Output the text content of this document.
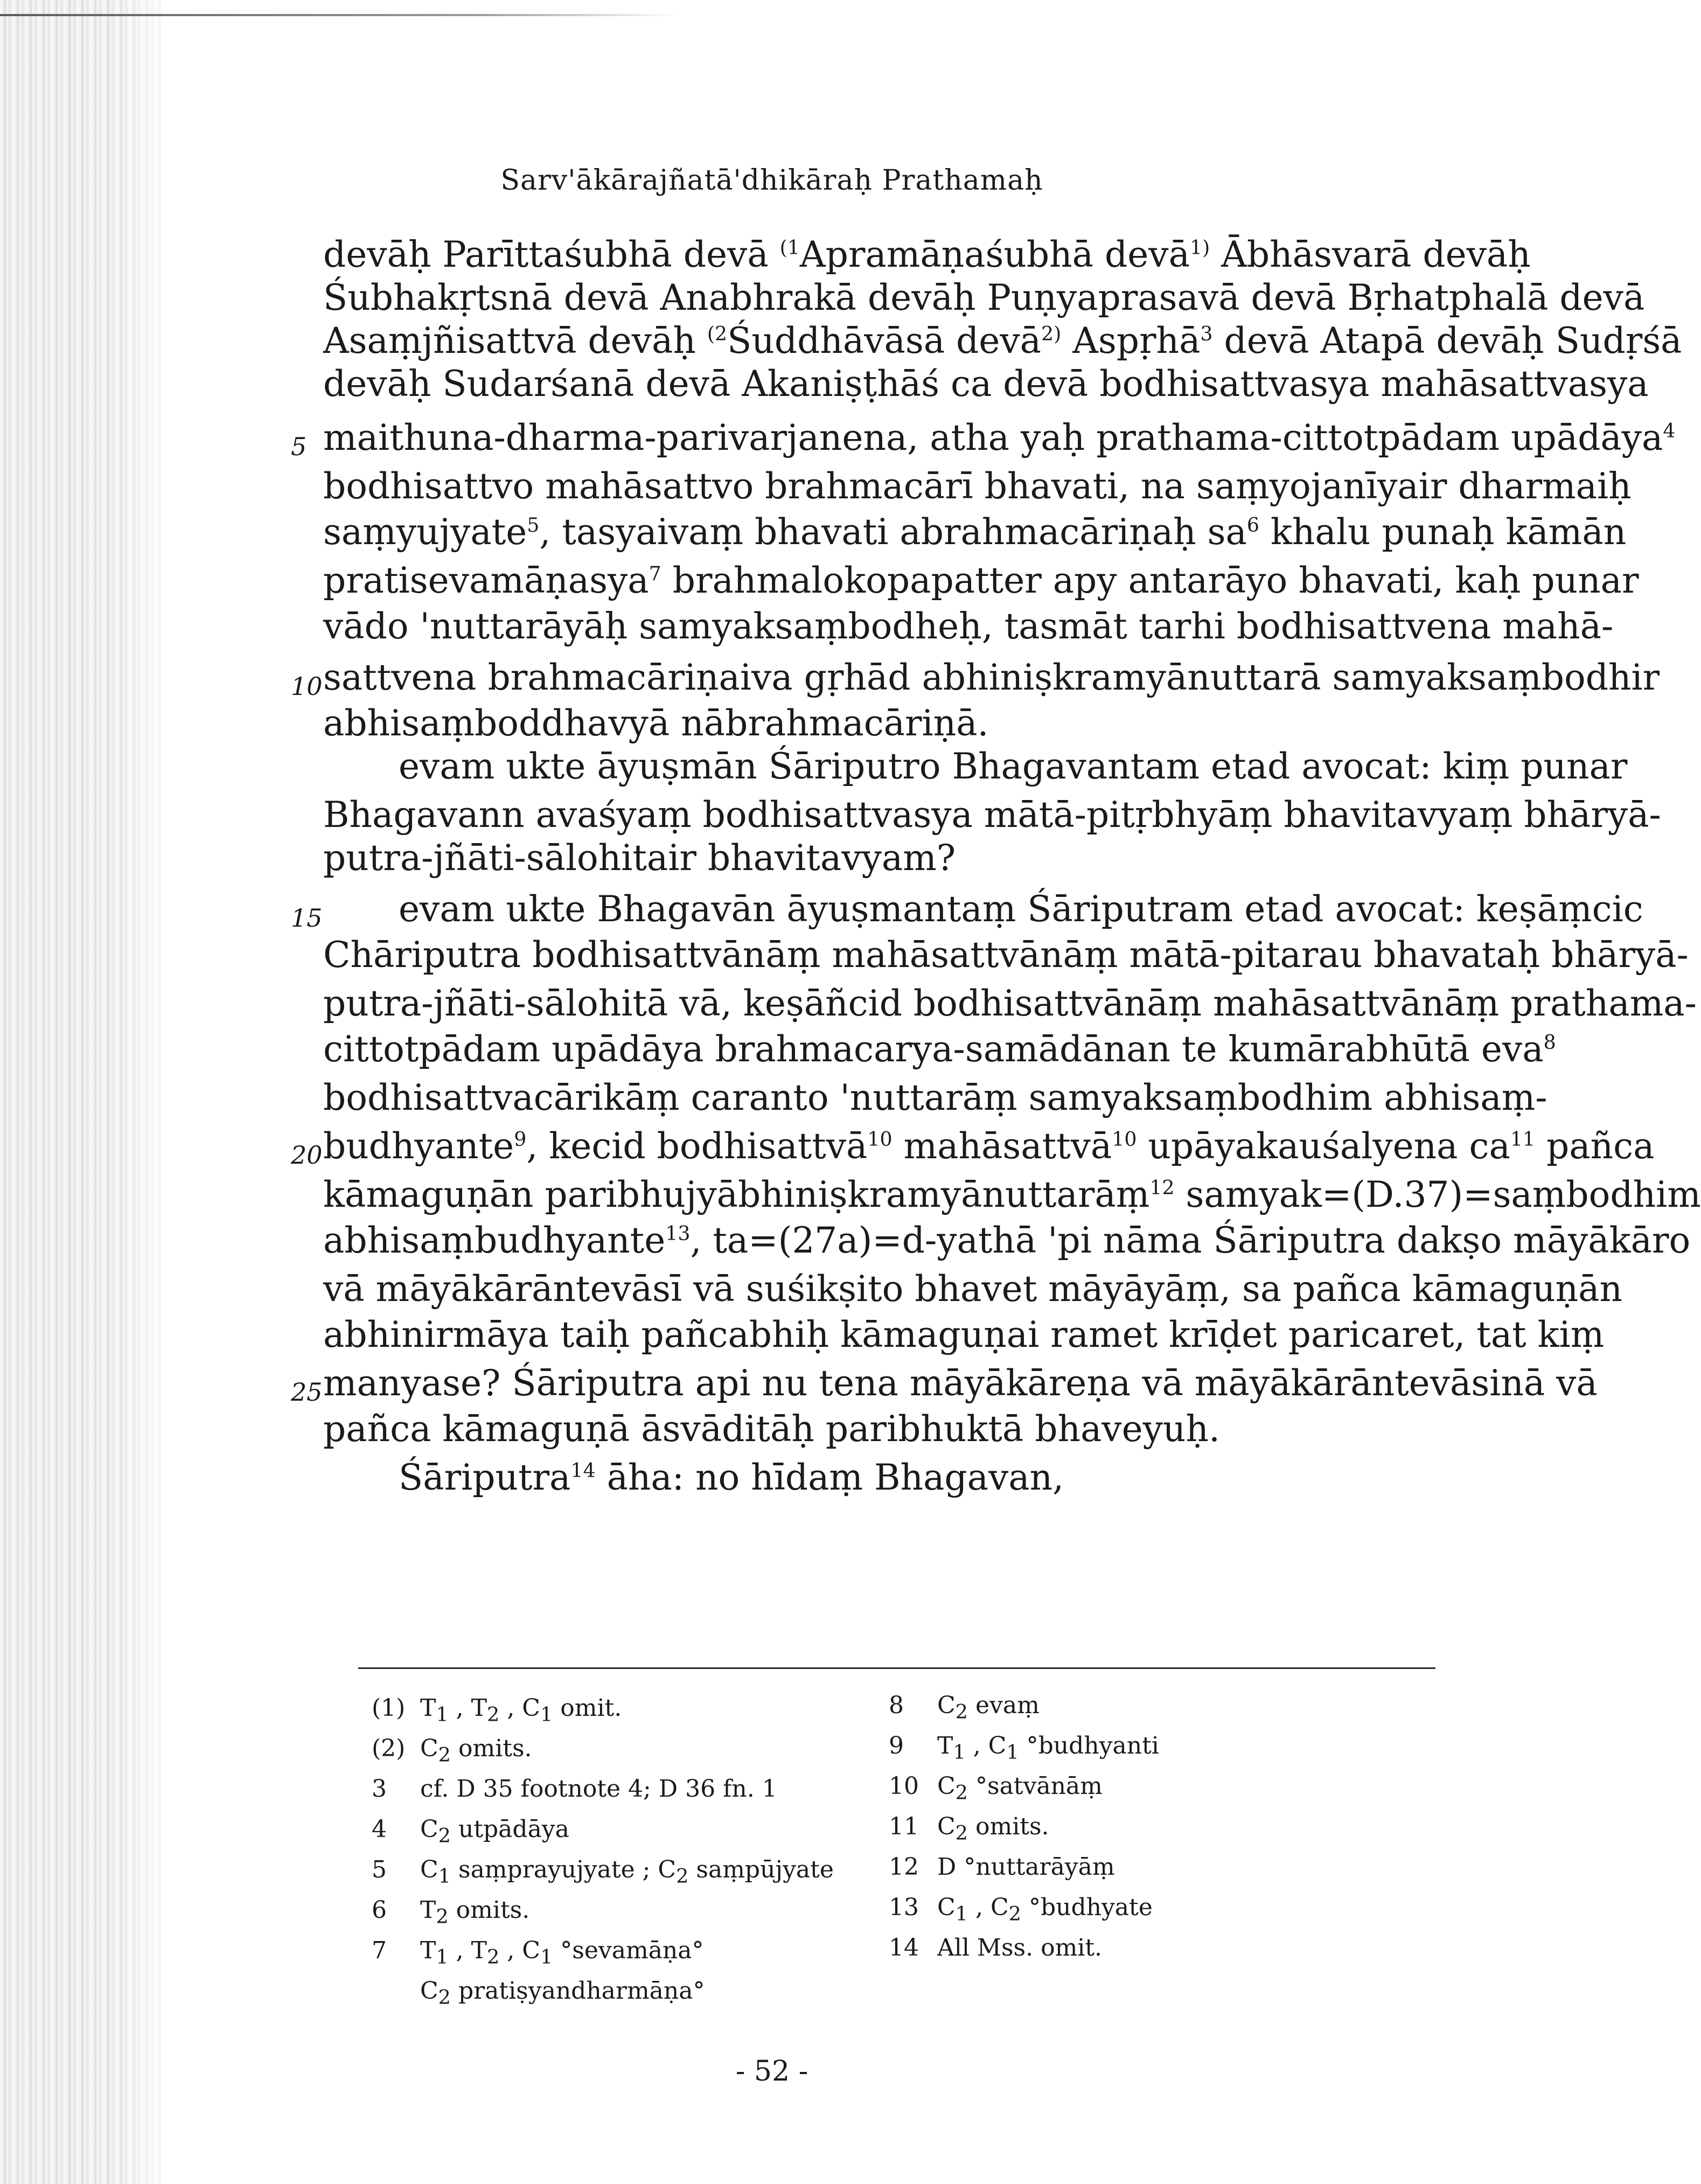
Sarv'ākārajñatā'dhikāraḥ Prathamaḥ
devāḥ Parīttaśubhā devā $^{(1}$Apramāṇaśubhā devā$^{1)}$ Ābhāsvarā devāḥ
Śubhakṛtsnā devā Anabhrakā devāḥ Puṇyaprasavā devā Bṛhatphalā devā
Asaṃjñisattvā devāḥ $^{(2}$Śuddhāvāsā devā$^{2)}$ Aspṛhā$^3$ devā Atapā devāḥ Sudṛśā
devāḥ Sudarśanā devā Akaniṣṭhāś ca devā bodhisattvasya mahāsattvasya
maithuna-dharma-parivarjanena, atha yaḥ prathama-cittotpādam upādāya$^4$
bodhisattvo mahāsattvo brahmacārī bhavati, na saṃyojanīyair dharmaiḥ
saṃyujyate$^5$, tasyaivaṃ bhavati abrahmacāriṇaḥ $sa^6$ khalu punaḥ kāmān
pratisevamāṇasya$^7$ brahmalokopapatter apy antarāyo bhavati, kaḥ punar
vādo 'nuttarāyāḥ samyaksaṃbodheḥ, tasmāt tarhi bodhisattvena mahā-
sattvena brahmacāriṇaiva gṛhād abhiniṣkramyānuttarā samyaksaṃbodhir
abhisaṃboddhavyā nābrahmacāriṇā.
evam ukte āyuṣmān Śāriputro Bhagavantam etad avocat: kiṃ punar
Bhagavann avaśyaṃ bodhisattvasya mātā-pitṛbhyāṃ bhavitavyaṃ bhāryā-
putra-jñāti-sālohitair bhavitavyam?
evam ukte Bhagavān āyuṣmantaṃ Śāriputram etad avocat: keṣāṃcic
Chāriputra bodhisattvānāṃ mahāsattvānāṃ mātā-pitarau bhavataḥ bhāryā-
putra-jñāti-sālohitā vā, keṣāñcid bodhisattvānāṃ mahāsattvānāṃ prathama-
cittotpādam upādāya brahmacarya-samādānan te kumārabhūtā eva$^8$
bodhisattvacārikāṃ caranto 'nuttarāṃ samyaksaṃbodhim abhisaṃ-
budhyante$^9$, kecid bodhisattvā$^{10}$ mahāsattvā$^{10}$ upāyakauśalyena $ca^{11}$ pañca
kāmaguṇān paribhujyābhiniṣkramyānuttarāṃ$^{12}$ samyak=(D.37)=saṃbodhim
abhisaṃbudhyante$^{13}$, ta=(27a)=d-yathā 'pi nāma Śāriputra dakṣo māyākāro
vā māyākārāntevāsī vā suśikṣito bhavet māyāyāṃ, sa pañca kāmaguṇān
abhinirmāya taiḥ pañcabhiḥ kāmaguṇai ramet krīḍet paricaret, tat kiṃ
manyase? Śāriputra api nu tena māyākāreṇa vā māyākārāntevāsinā vā
pañca kāmaguṇā āsvāditāḥ paribhuktā bhaveyuḥ.
Śāriputra$^{14}$ āha: no hīdaṃ Bhagavan,
5
10
15
20
25
(1) $T_1$ , $T_2$ , $C_1$ omit.
(2) $C_2$ omits.
3 cf. D 35 footnote 4; D 36 fn. 1
4 $C_2$ utpādāya
5 $C_1$ saṃprayujyate ; $C_2$ saṃpūjyate
6 $T_2$ omits.
7 $T_1$ , $T_2$ , $C_1$ °sevamāṇa°
$C_2$ pratiṣyandharmāṇa°
8 $C_2$ evaṃ
9 $T_1$ , $C_1$ °budhyanti
10 $C_2$ °satvānāṃ
11 $C_2$ omits.
12 D °nuttarāyāṃ
13 $C_1$ , $C_2$ °budhyate
14 All Mss. omit.
- 52 -
